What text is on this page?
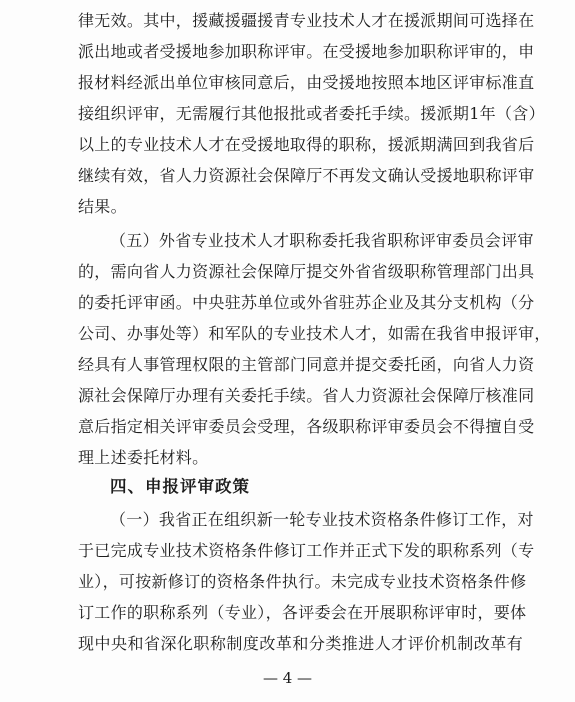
律无效。其中，援藏援疆援青专业技术人才在援派期间可选择在
派出地或者受援地参加职称评审。在受援地参加职称评审的，申
报材料经派出单位审核同意后，由受援地按照本地区评审标准直
接组织评审，无需履行其他报批或者委托手续。援派期1年（含）
以上的专业技术人才在受援地取得的职称，援派期满回到我省后
继续有效，省人力资源社会保障厅不再发文确认受援地职称评审
结果。
（五）外省专业技术人才职称委托我省职称评审委员会评审
的，需向省人力资源社会保障厅提交外省省级职称管理部门出具
的委托评审函。中央驻苏单位或外省驻苏企业及其分支机构（分
公司、办事处等）和军队的专业技术人才，如需在我省申报评审，
经具有人事管理权限的主管部门同意并提交委托函，向省人力资
源社会保障厅办理有关委托手续。省人力资源社会保障厅核准同
意后指定相关评审委员会受理，各级职称评审委员会不得擅自受
理上述委托材料。
四、申报评审政策
（一）我省正在组织新一轮专业技术资格条件修订工作，对
于已完成专业技术资格条件修订工作并正式下发的职称系列（专
业），可按新修订的资格条件执行。未完成专业技术资格条件修
订工作的职称系列（专业），各评委会在开展职称评审时，要体
现中央和省深化职称制度改革和分类推进人才评价机制改革有
— 4 —
